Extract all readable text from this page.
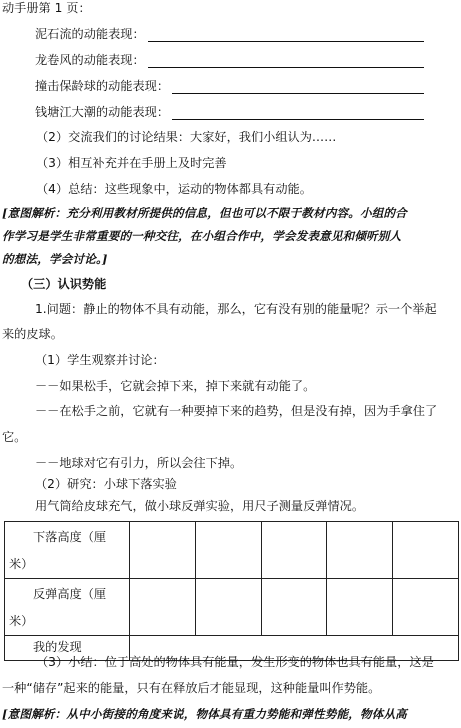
动手册第 1 页：
泥石流的动能表现：
龙卷风的动能表现：
撞击保龄球的动能表现：
钱塘江大潮的动能表现：
（2）交流我们的讨论结果：大家好，我们小组认为……
（3）相互补充并在手册上及时完善
（4）总结：这些现象中，运动的物体都具有动能。
[意图解析：充分利用教材所提供的信息，但也可以不限于教材内容。小组的合
作学习是学生非常重要的一种交往，在小组合作中，学会发表意见和倾听别人
的想法，学会讨论。]
（三）认识势能
1.问题：静止的物体不具有动能，那么，它有没有别的能量呢？示一个举起
来的皮球。
（1）学生观察并讨论：
－－如果松手，它就会掉下来，掉下来就有动能了。
－－在松手之前，它就有一种要掉下来的趋势，但是没有掉，因为手拿住了
它。
－－地球对它有引力，所以会往下掉。
（2）研究：小球下落实验
用气筒给皮球充气，做小球反弹实验，用尺子测量反弹情况。
下落高度（厘
米）					

反弹高度（厘
米）					

我的发现					
（3）小结：位于高处的物体具有能量，发生形变的物体也具有能量，这是
一种“储存”起来的能量，只有在释放后才能显现，这种能量叫作势能。
[意图解析：从中小街接的角度来说，物体具有重力势能和弹性势能，物体从高
